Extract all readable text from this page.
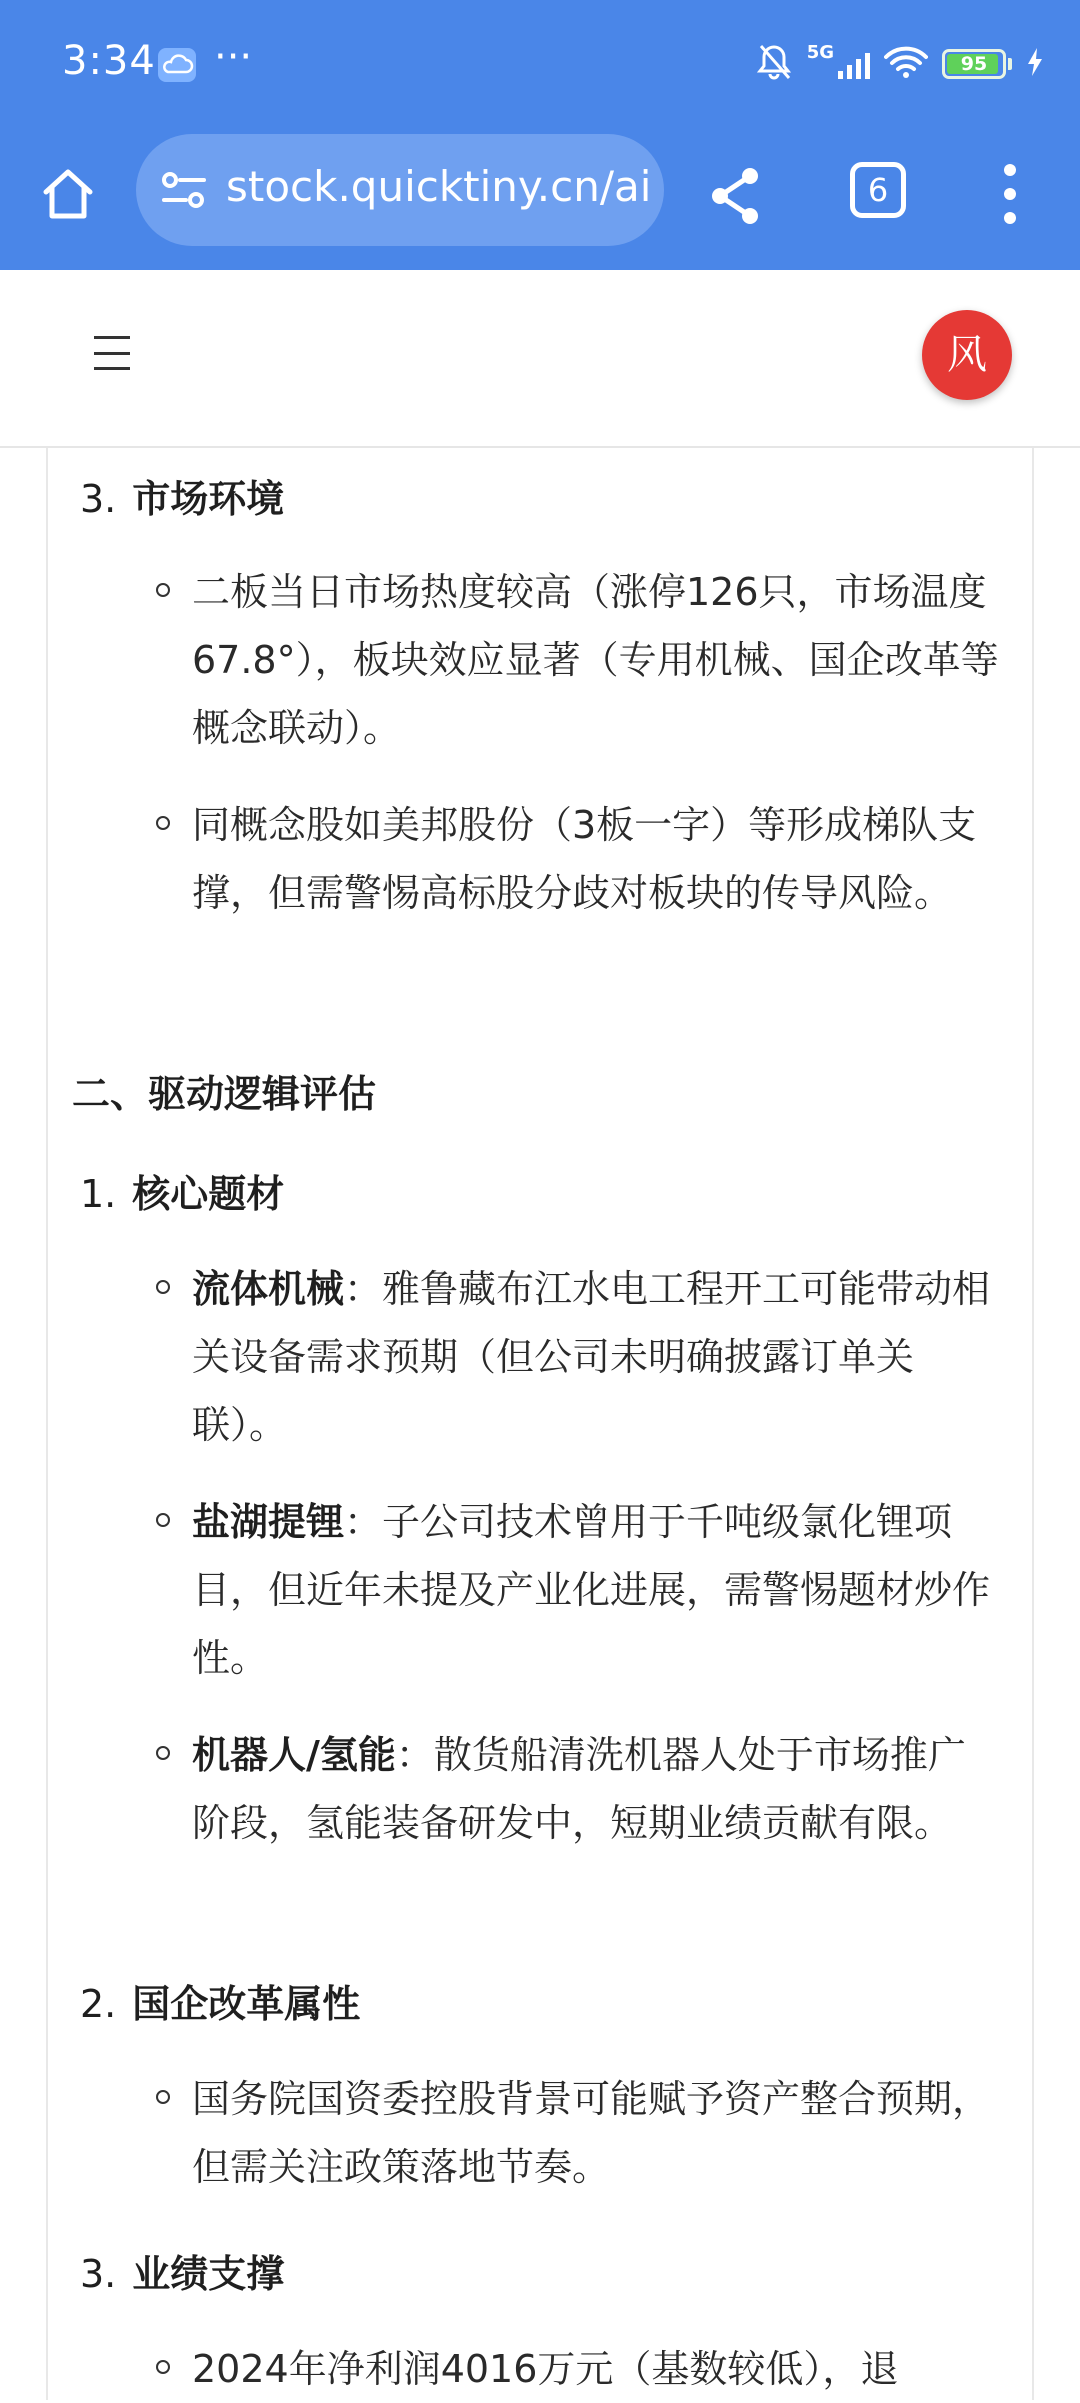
3:34 ···	5G
95
stock.quicktiny.cn/ai	6
风
3. 市场环境
二板当日市场热度较高（涨停126只，市场温度67.8°），板块效应显著（专用机械、国企改革等概念联动）。
同概念股如美邦股份（3板一字）等形成梯队支撑，但需警惕高标股分歧对板块的传导风险。
二、驱动逻辑评估
1. 核心题材
流体机械：雅鲁藏布江水电工程开工可能带动相关设备需求预期（但公司未明确披露订单关联）。
盐湖提锂：子公司技术曾用于千吨级氯化锂项目，但近年未提及产业化进展，需警惕题材炒作性。
机器人/氢能：散货船清洗机器人处于市场推广阶段，氢能装备研发中，短期业绩贡献有限。
2. 国企改革属性
国务院国资委控股背景可能赋予资产整合预期，但需关注政策落地节奏。
3. 业绩支撑
2024年净利润4016万元（基数较低），退
